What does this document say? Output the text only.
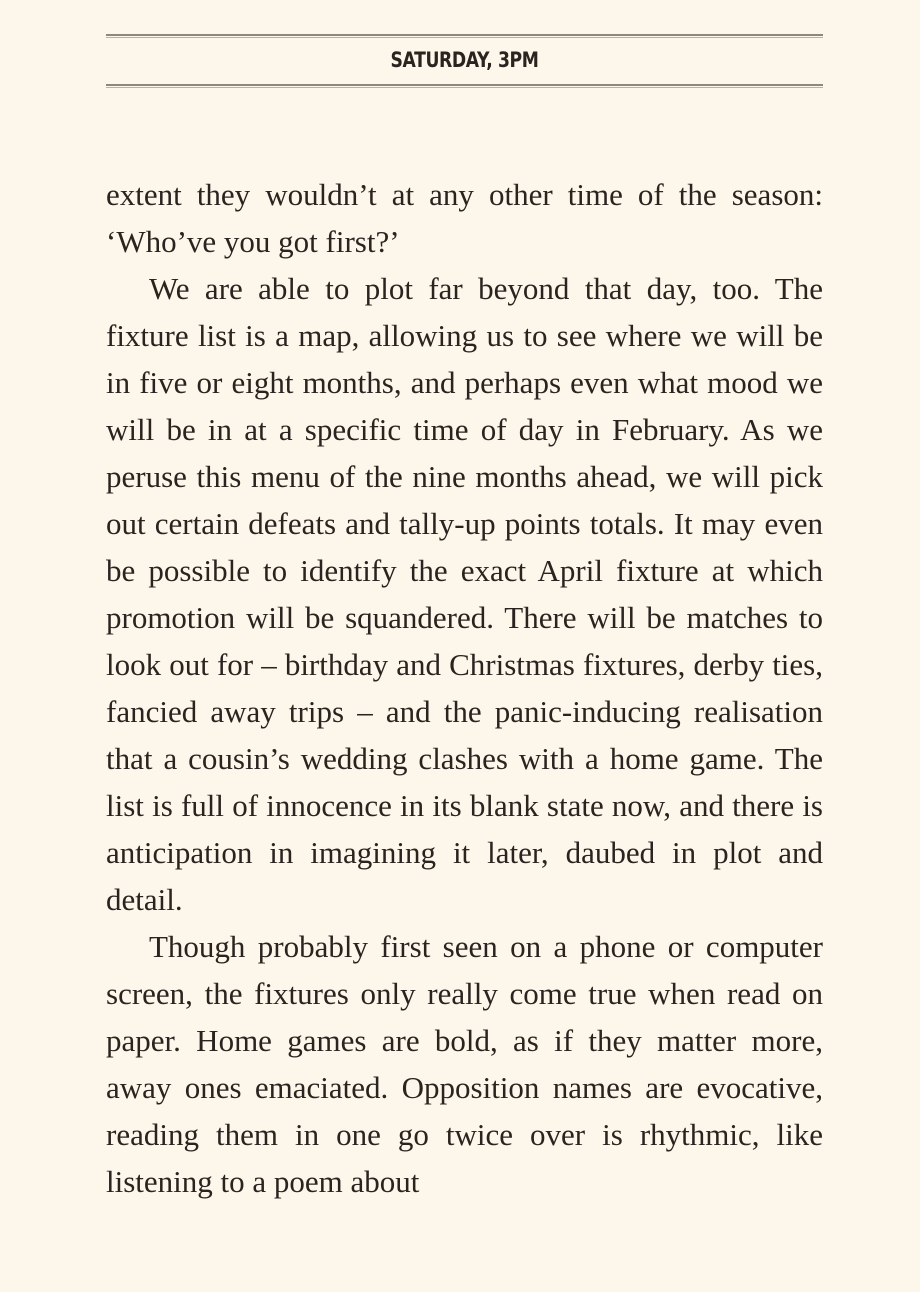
SATURDAY, 3PM

extent they wouldn’t at any other time of the season: ‘Who’ve you got first?’

We are able to plot far beyond that day, too. The fixture list is a map, allowing us to see where we will be in five or eight months, and perhaps even what mood we will be in at a specific time of day in February. As we peruse this menu of the nine months ahead, we will pick out certain defeats and tally-up points totals. It may even be possible to identify the exact April fixture at which promotion will be squandered. There will be matches to look out for – birthday and Christmas fixtures, derby ties, fancied away trips – and the panic-inducing realisation that a cousin’s wedding clashes with a home game. The list is full of innocence in its blank state now, and there is anticipation in imagining it later, daubed in plot and detail.

Though probably first seen on a phone or computer screen, the fixtures only really come true when read on paper. Home games are bold, as if they matter more, away ones emaciated. Opposition names are evocative, reading them in one go twice over is rhythmic, like listening to a poem about
